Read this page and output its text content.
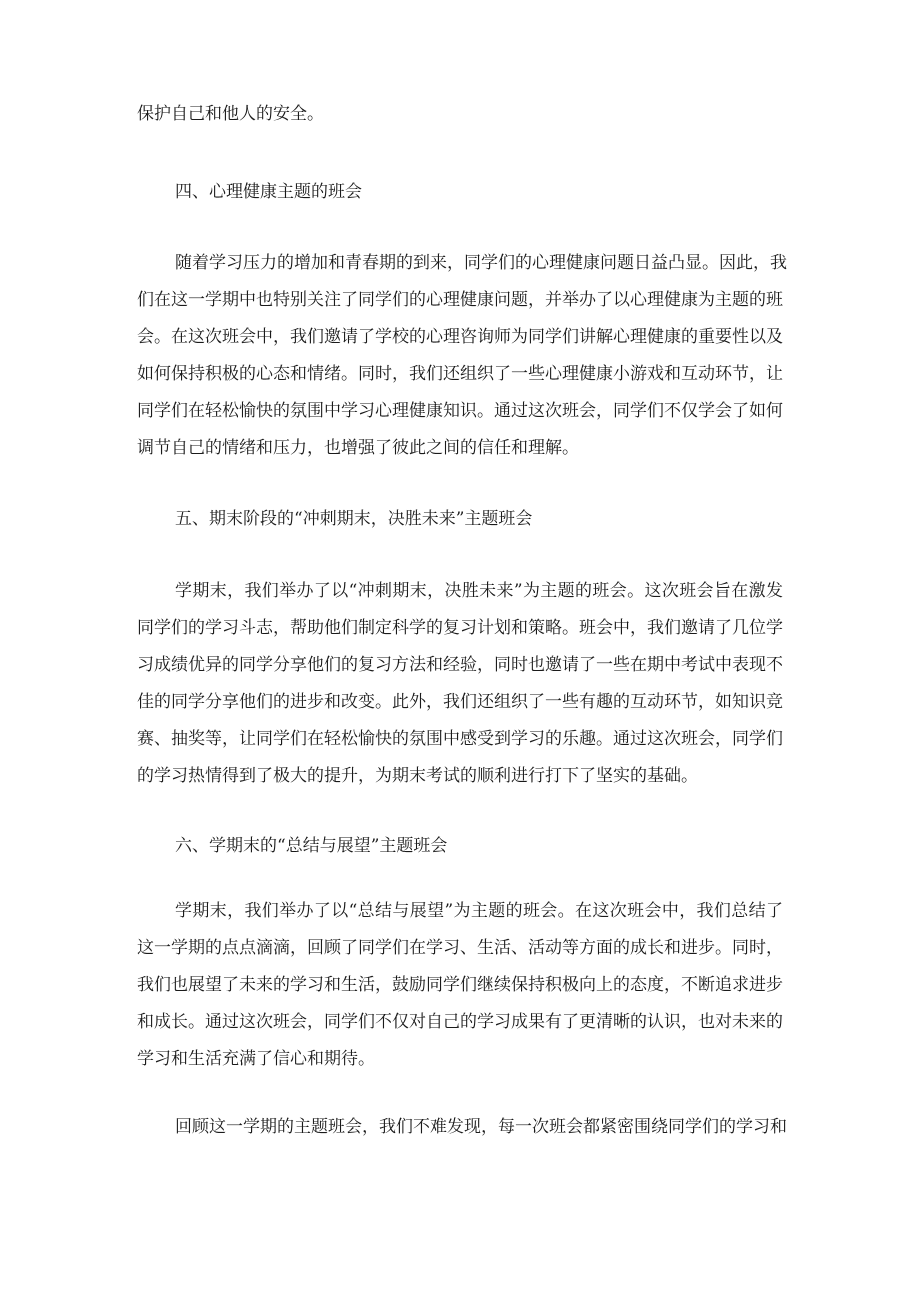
保护自己和他人的安全。
四、心理健康主题的班会
随着学习压力的增加和青春期的到来，同学们的心理健康问题日益凸显。因此，我
们在这一学期中也特别关注了同学们的心理健康问题，并举办了以心理健康为主题的班
会。在这次班会中，我们邀请了学校的心理咨询师为同学们讲解心理健康的重要性以及
如何保持积极的心态和情绪。同时，我们还组织了一些心理健康小游戏和互动环节，让
同学们在轻松愉快的氛围中学习心理健康知识。通过这次班会，同学们不仅学会了如何
调节自己的情绪和压力，也增强了彼此之间的信任和理解。
五、期末阶段的“冲刺期末，决胜未来”主题班会
学期末，我们举办了以“冲刺期末，决胜未来”为主题的班会。这次班会旨在激发
同学们的学习斗志，帮助他们制定科学的复习计划和策略。班会中，我们邀请了几位学
习成绩优异的同学分享他们的复习方法和经验，同时也邀请了一些在期中考试中表现不
佳的同学分享他们的进步和改变。此外，我们还组织了一些有趣的互动环节，如知识竞
赛、抽奖等，让同学们在轻松愉快的氛围中感受到学习的乐趣。通过这次班会，同学们
的学习热情得到了极大的提升，为期末考试的顺利进行打下了坚实的基础。
六、学期末的“总结与展望”主题班会
学期末，我们举办了以“总结与展望”为主题的班会。在这次班会中，我们总结了
这一学期的点点滴滴，回顾了同学们在学习、生活、活动等方面的成长和进步。同时，
我们也展望了未来的学习和生活，鼓励同学们继续保持积极向上的态度，不断追求进步
和成长。通过这次班会，同学们不仅对自己的学习成果有了更清晰的认识，也对未来的
学习和生活充满了信心和期待。
回顾这一学期的主题班会，我们不难发现，每一次班会都紧密围绕同学们的学习和
